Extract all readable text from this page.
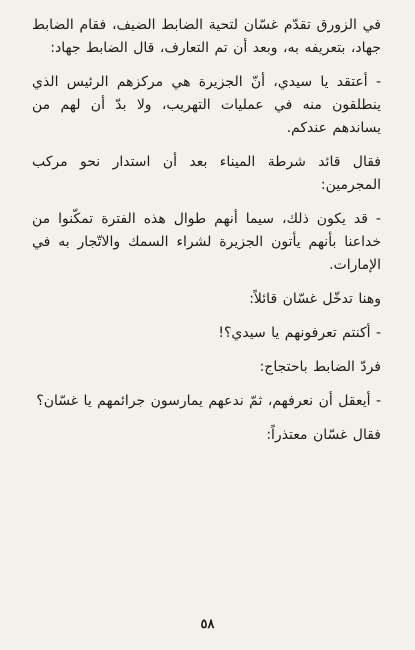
في الزورق تقدّم غسّان لتحية الضابط الضيف، فقام الضابط جهاد، بتعريفه به، وبعد أن تم التعارف، قال الضابط جهاد:

- أعتقد يا سيدي، أنّ الجزيرة هي مركزهم الرئيس الذي ينطلقون منه في عمليات التهريب، ولا بدّ أن لهم من يساندهم عندكم.

فقال قائد شرطة الميناء بعد أن استدار نحو مركب المجرمين:

- قد يكون ذلك، سيما أنهم طوال هذه الفترة تمكّنوا من خداعنا بأنهم يأتون الجزيرة لشراء السمك والاتّجار به في الإمارات.

وهنا تدخّل غسّان قائلاً:

- أكنتم تعرفونهم يا سيدي؟!

فردّ الضابط باحتجاج:

- أيعقل أن نعرفهم، ثمّ ندعهم يمارسون جرائمهم يا غسّان؟

فقال غسّان معتذراً:

٥٨
